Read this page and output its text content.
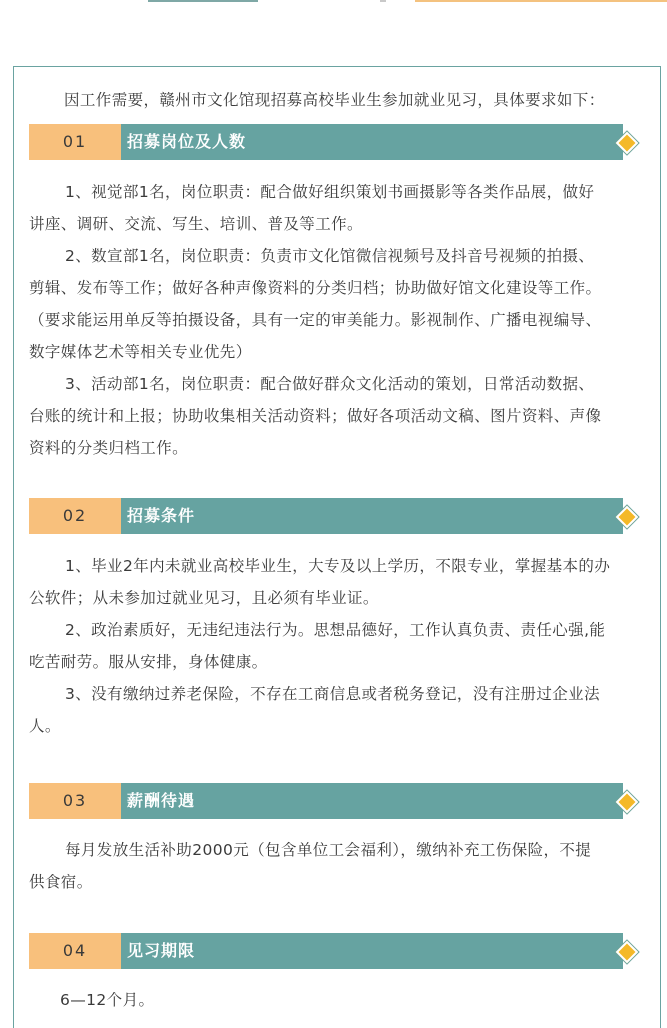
因工作需要，赣州市文化馆现招募高校毕业生参加就业见习，具体要求如下：
01	招募岗位及人数
1、视觉部1名，岗位职责：配合做好组织策划书画摄影等各类作品展，做好
讲座、调研、交流、写生、培训、普及等工作。
2、数宣部1名，岗位职责：负责市文化馆微信视频号及抖音号视频的拍摄、
剪辑、发布等工作；做好各种声像资料的分类归档；协助做好馆文化建设等工作。
（要求能运用单反等拍摄设备，具有一定的审美能力。影视制作、广播电视编导、
数字媒体艺术等相关专业优先）
3、活动部1名，岗位职责：配合做好群众文化活动的策划，日常活动数据、
台账的统计和上报；协助收集相关活动资料；做好各项活动文稿、图片资料、声像
资料的分类归档工作。
02	招募条件
1、毕业2年内未就业高校毕业生，大专及以上学历，不限专业，掌握基本的办
公软件；从未参加过就业见习，且必须有毕业证。
2、政治素质好，无违纪违法行为。思想品德好，工作认真负责、责任心强,能
吃苦耐劳。服从安排，身体健康。
3、没有缴纳过养老保险，不存在工商信息或者税务登记，没有注册过企业法
人。
03	薪酬待遇
每月发放生活补助2000元（包含单位工会福利），缴纳补充工伤保险，不提
供食宿。
04	见习期限
6—12个月。
